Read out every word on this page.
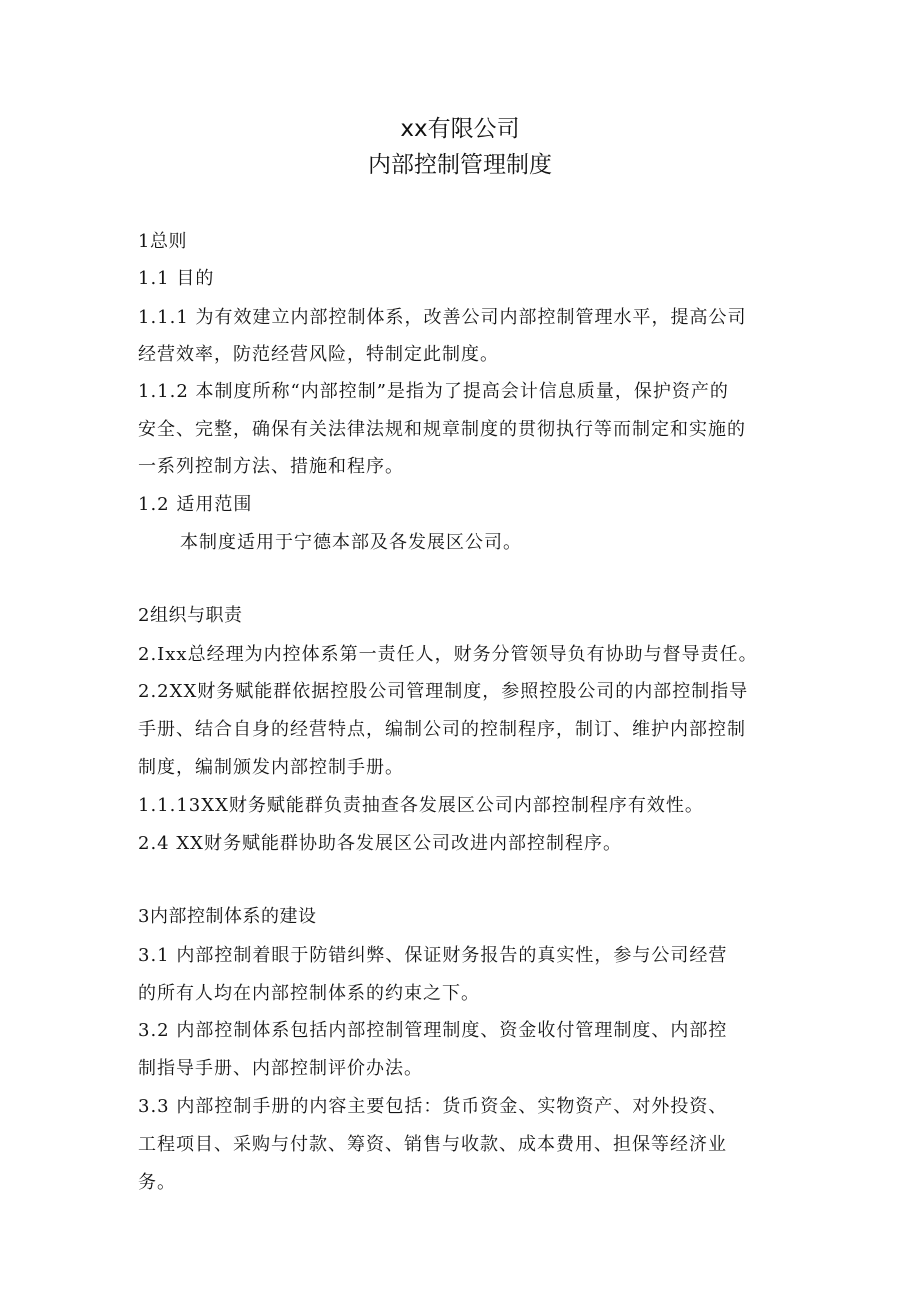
xx有限公司
内部控制管理制度
1总则
1.1 目的
1.1.1 为有效建立内部控制体系，改善公司内部控制管理水平，提高公司
经营效率，防范经营风险，特制定此制度。
1.1.2 本制度所称“内部控制”是指为了提高会计信息质量，保护资产的
安全、完整，确保有关法律法规和规章制度的贯彻执行等而制定和实施的
一系列控制方法、措施和程序。
1.2 适用范围
本制度适用于宁德本部及各发展区公司。
2组织与职责
2.Ixx总经理为内控体系第一责任人，财务分管领导负有协助与督导责任。
2.2XX财务赋能群依据控股公司管理制度，参照控股公司的内部控制指导
手册、结合自身的经营特点，编制公司的控制程序，制订、维护内部控制
制度，编制颁发内部控制手册。
1.1.13XX财务赋能群负责抽查各发展区公司内部控制程序有效性。
2.4 XX财务赋能群协助各发展区公司改进内部控制程序。
3内部控制体系的建设
3.1 内部控制着眼于防错纠弊、保证财务报告的真实性，参与公司经营
的所有人均在内部控制体系的约束之下。
3.2 内部控制体系包括内部控制管理制度、资金收付管理制度、内部控
制指导手册、内部控制评价办法。
3.3 内部控制手册的内容主要包括：货币资金、实物资产、对外投资、
工程项目、采购与付款、筹资、销售与收款、成本费用、担保等经济业
务。
